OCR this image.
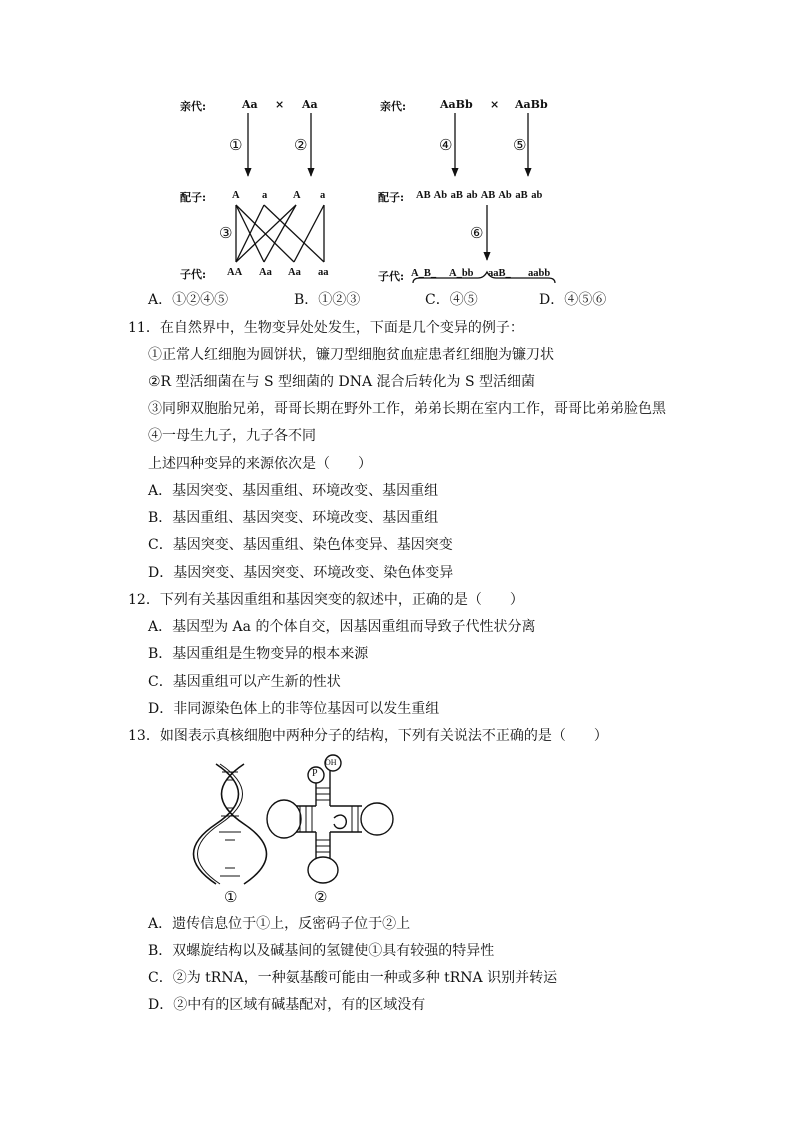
亲代:	Aa × Aa
①	②
配子: A a A a
③
子代: AA Aa Aa aa
亲代:	AaBb × AaBb
④	⑤
配子: AB Ab aB ab AB Ab aB ab
⑥
子代: A_B_ A_bb aaB_ aabb
A．①②④⑤	B．①②③	C．④⑤	D．④⑤⑥
11．在自然界中，生物变异处处发生，下面是几个变异的例子：
①正常人红细胞为圆饼状，镰刀型细胞贫血症患者红细胞为镰刀状
②R 型活细菌在与 S 型细菌的 DNA 混合后转化为 S 型活细菌
③同卵双胞胎兄弟，哥哥长期在野外工作，弟弟长期在室内工作，哥哥比弟弟脸色黑
④一母生九子，九子各不同
上述四种变异的来源依次是（　　）
A．基因突变、基因重组、环境改变、基因重组
B．基因重组、基因突变、环境改变、基因重组
C．基因突变、基因重组、染色体变异、基因突变
D．基因突变、基因突变、环境改变、染色体变异
12．下列有关基因重组和基因突变的叙述中，正确的是（　　）
A．基因型为 Aa 的个体自交，因基因重组而导致子代性状分离
B．基因重组是生物变异的根本来源
C．基因重组可以产生新的性状
D．非同源染色体上的非等位基因可以发生重组
13．如图表示真核细胞中两种分子的结构，下列有关说法不正确的是（　　）
P
OH
①	②
A．遗传信息位于①上，反密码子位于②上
B．双螺旋结构以及碱基间的氢键使①具有较强的特异性
C．②为 tRNA，一种氨基酸可能由一种或多种 tRNA 识别并转运
D．②中有的区域有碱基配对，有的区域没有
